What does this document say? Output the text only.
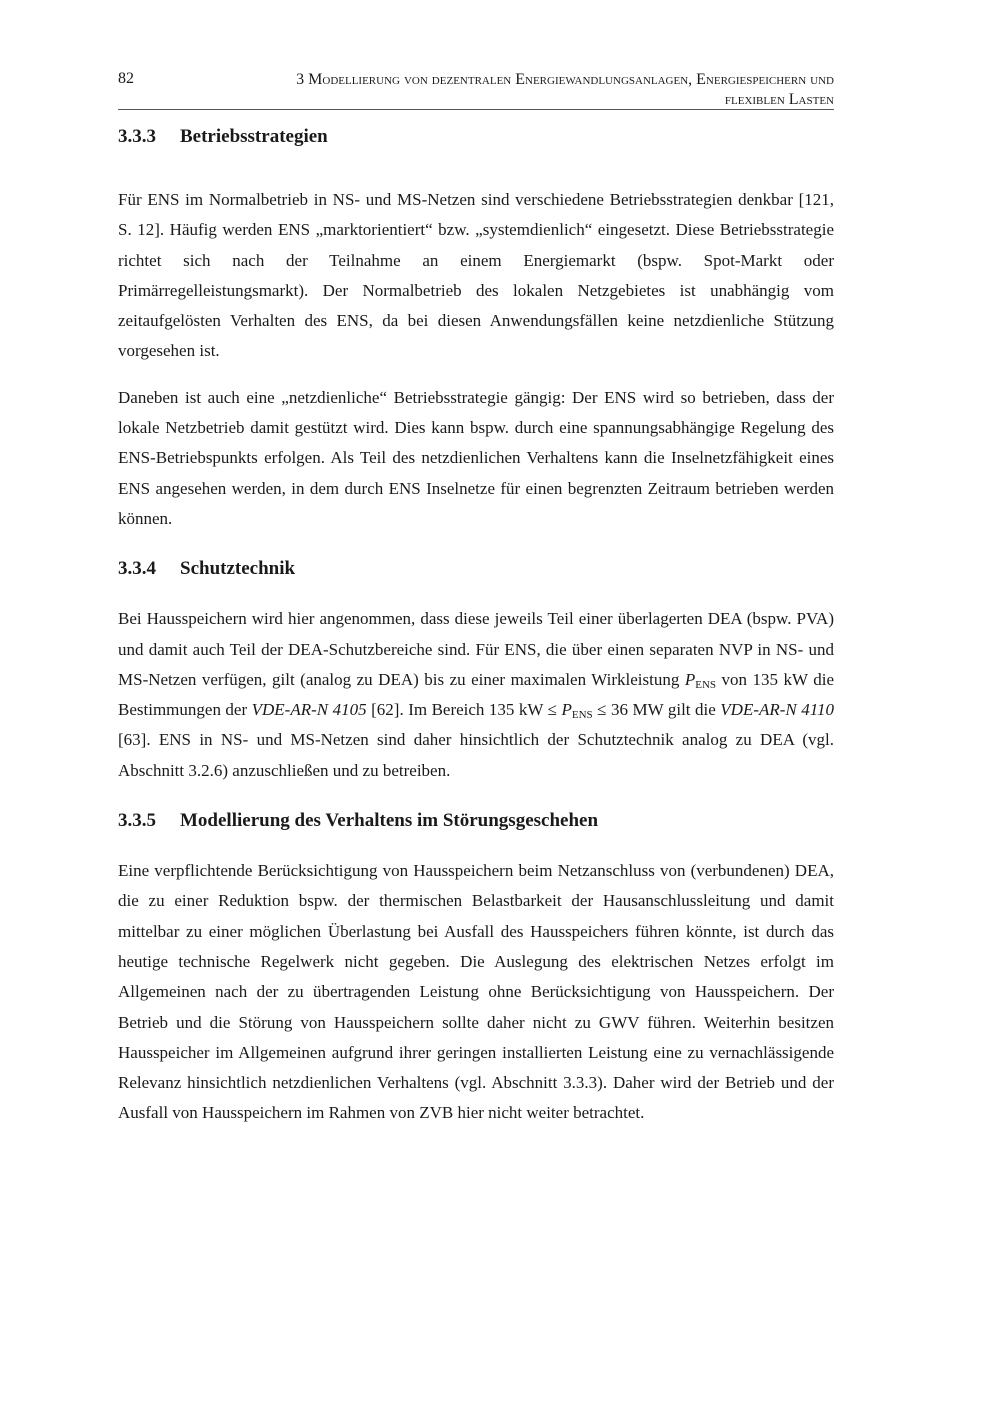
82	3 Modellierung von dezentralen Energiewandlungsanlagen, Energiespeichern und
flexiblen Lasten
3.3.3 Betriebsstrategien

Für ENS im Normalbetrieb in NS- und MS-Netzen sind verschiedene Betriebsstrategien denkbar [121, S. 12]. Häufig werden ENS „marktorientiert“ bzw. „systemdienlich“ eingesetzt. Diese Betriebsstrategie richtet sich nach der Teilnahme an einem Energiemarkt (bspw. Spot-Markt oder Primärregelleistungsmarkt). Der Normalbetrieb des lokalen Netzgebietes ist unabhängig vom zeitaufgelösten Verhalten des ENS, da bei diesen Anwendungsfällen keine netzdienliche Stützung vorgesehen ist.

Daneben ist auch eine „netzdienliche“ Betriebsstrategie gängig: Der ENS wird so betrieben, dass der lokale Netzbetrieb damit gestützt wird. Dies kann bspw. durch eine spannungsabhängige Regelung des ENS-Betriebspunkts erfolgen. Als Teil des netzdienlichen Verhaltens kann die Inselnetzfähigkeit eines ENS angesehen werden, in dem durch ENS Inselnetze für einen begrenzten Zeitraum betrieben werden können.

3.3.4 Schutztechnik

Bei Hausspeichern wird hier angenommen, dass diese jeweils Teil einer überlagerten DEA (bspw. PVA) und damit auch Teil der DEA-Schutzbereiche sind. Für ENS, die über einen separaten NVP in NS- und MS-Netzen verfügen, gilt (analog zu DEA) bis zu einer maximalen Wirkleistung $P_{ENS}$ von 135 kW die Bestimmungen der VDE-AR-N 4105 [62]. Im Bereich 135 kW ≤ $P_{ENS} \le 36$ MW gilt die VDE-AR-N 4110 [63]. ENS in NS- und MS-Netzen sind daher hinsichtlich der Schutztechnik analog zu DEA (vgl. Abschnitt 3.2.6) anzuschließen und zu betreiben.

3.3.5 Modellierung des Verhaltens im Störungsgeschehen

Eine verpflichtende Berücksichtigung von Hausspeichern beim Netzanschluss von (verbundenen) DEA, die zu einer Reduktion bspw. der thermischen Belastbarkeit der Hausanschlussleitung und damit mittelbar zu einer möglichen Überlastung bei Ausfall des Hausspeichers führen könnte, ist durch das heutige technische Regelwerk nicht gegeben. Die Auslegung des elektrischen Netzes erfolgt im Allgemeinen nach der zu übertragenden Leistung ohne Berücksichtigung von Hausspeichern. Der Betrieb und die Störung von Hausspeichern sollte daher nicht zu GWV führen. Weiterhin besitzen Hausspeicher im Allgemeinen aufgrund ihrer geringen installierten Leistung eine zu vernachlässigende Relevanz hinsichtlich netzdienlichen Verhaltens (vgl. Abschnitt 3.3.3). Daher wird der Betrieb und der Ausfall von Hausspeichern im Rahmen von ZVB hier nicht weiter betrachtet.
